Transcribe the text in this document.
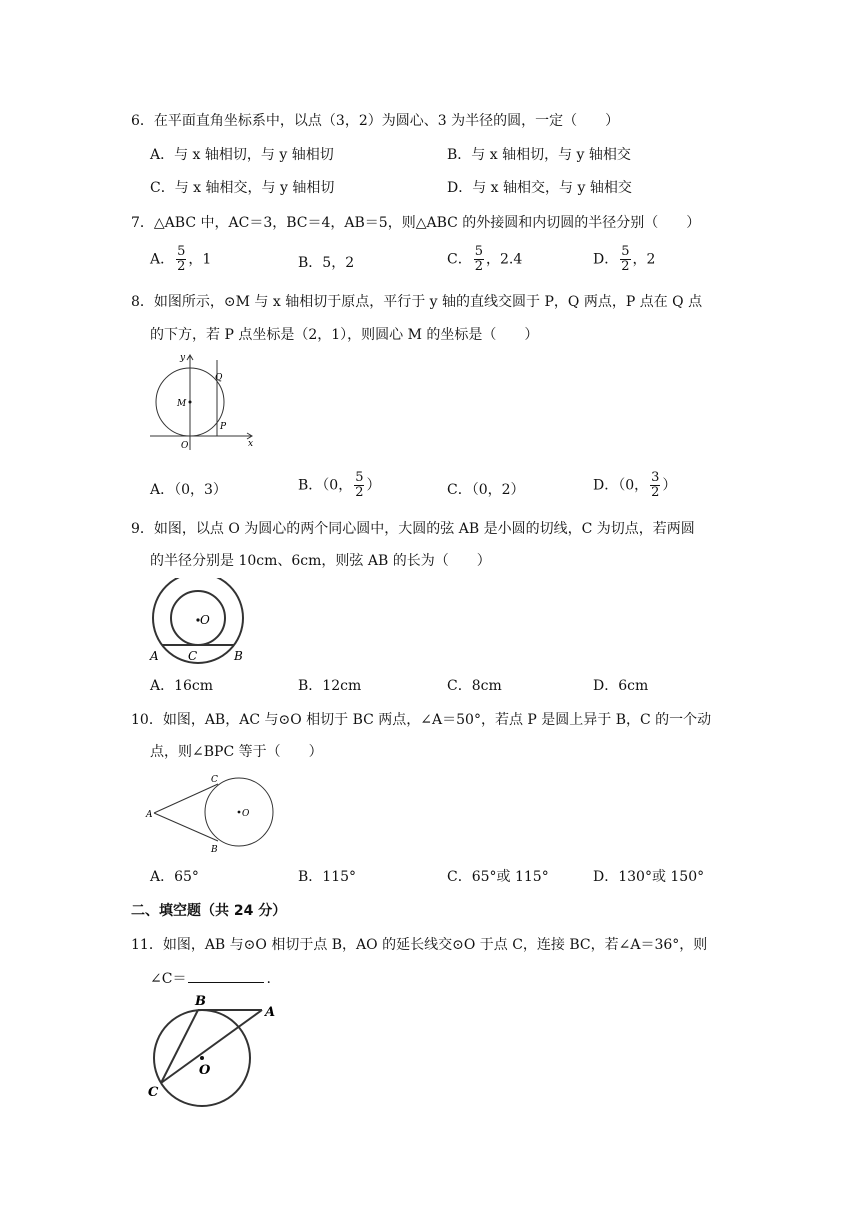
6．在平面直角坐标系中，以点（3，2）为圆心、3 为半径的圆，一定（　　）
A．与 x 轴相切，与 y 轴相切	B．与 x 轴相切，与 y 轴相交
C．与 x 轴相交，与 y 轴相切	D．与 x 轴相交，与 y 轴相交
7．△ABC 中，AC＝3，BC＝4，AB＝5，则△ABC 的外接圆和内切圆的半径分别（　　）
A． $\frac{5}{2}$ ，1	B．5，2	C． $\frac{5}{2}$ ，2.4	D． $\frac{5}{2}$ ，2
8．如图所示，⊙M 与 x 轴相切于原点，平行于 y 轴的直线交圆于 P，Q 两点，P 点在 Q 点
的下方，若 P 点坐标是（2，1），则圆心 M 的坐标是（　　）
M
O
P
Q
y
x
A．（0，3）	B．（0， $\frac{5}{2}$ ）	C．（0，2）	D．（0， $\frac{3}{2}$ ）
9．如图，以点 O 为圆心的两个同心圆中，大圆的弦 AB 是小圆的切线，C 为切点，若两圆
的半径分别是 10cm、6cm，则弦 AB 的长为（　　）
O
A C	B
A．16cm	B．12cm	C．8cm	D．6cm
10．如图，AB，AC 与⊙O 相切于 BC 两点，∠A＝50°，若点 P 是圆上异于 B，C 的一个动
点，则∠BPC 等于（　　）
O
A
C
B
A．65°	B．115°	C．65°或 115°	D．130°或 150°
二、填空题（共 24 分）
11．如图，AB 与⊙O 相切于点 B，AO 的延长线交⊙O 于点 C，连接 BC，若∠A＝36°，则
∠C＝	.
O
B
A
C
